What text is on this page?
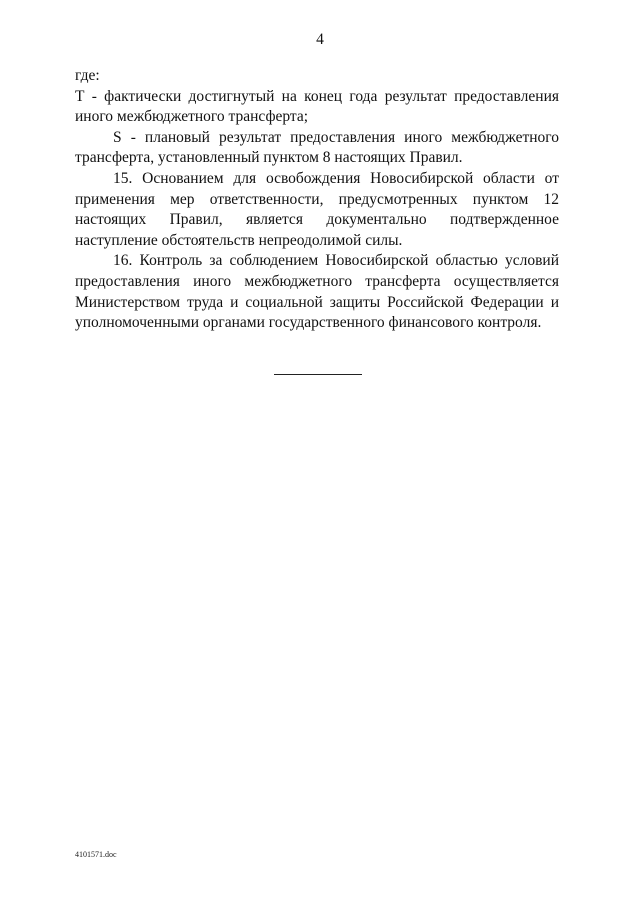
4

где:

Т - фактически достигнутый на конец года результат предоставления

иного межбюджетного трансферта;

S - плановый результат предоставления иного межбюджетного

трансферта, установленный пунктом 8 настоящих Правил.

15. Основанием для освобождения Новосибирской области от применения мер ответственности, предусмотренных пунктом 12 настоящих Правил, является документально подтвержденное наступление обстоятельств непреодолимой силы.

16. Контроль за соблюдением Новосибирской областью условий предоставления иного межбюджетного трансферта осуществляется Министерством труда и социальной защиты Российской Федерации и уполномоченными органами государственного финансового контроля.

4101571.doc
